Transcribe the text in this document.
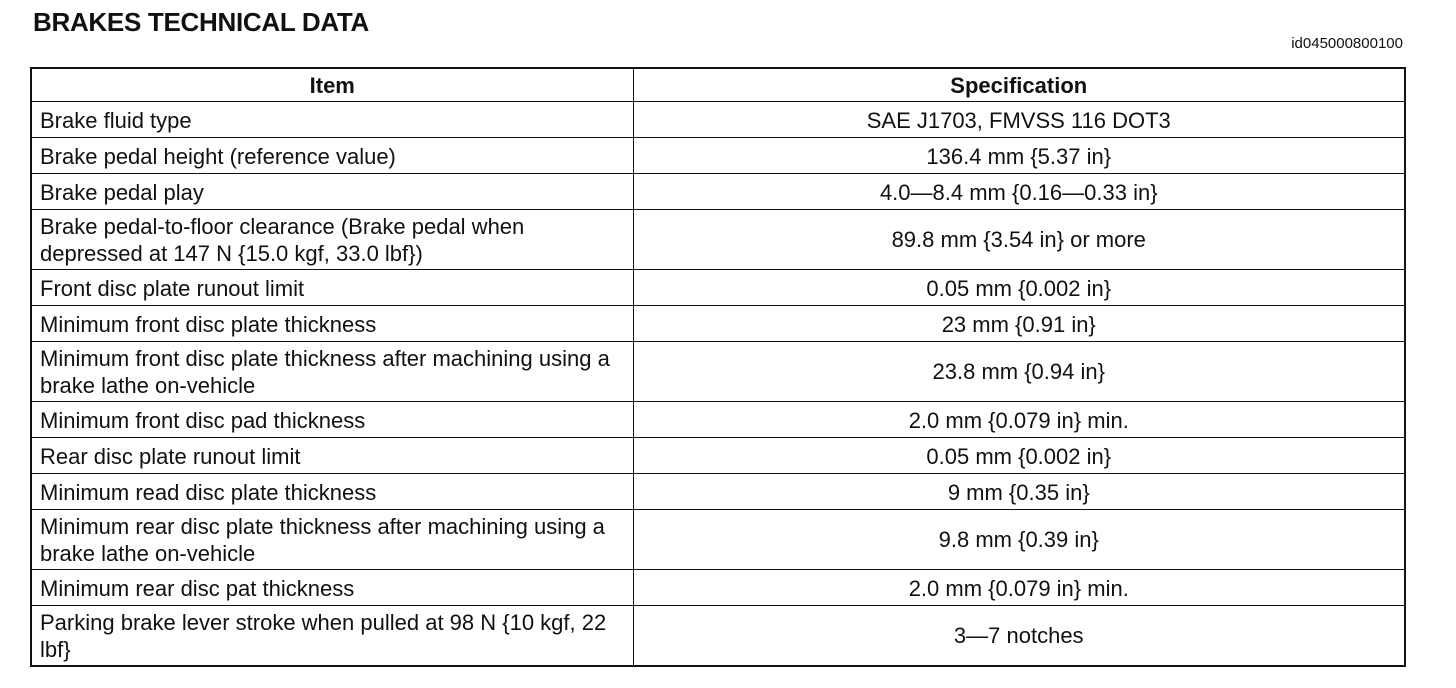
BRAKES TECHNICAL DATA
id045000800100
Item	Specification
Brake fluid type	SAE J1703, FMVSS 116 DOT3
Brake pedal height (reference value)	136.4 mm {5.37 in}
Brake pedal play	4.0—8.4 mm {0.16—0.33 in}
Brake pedal-to-floor clearance (Brake pedal when depressed at 147 N {15.0 kgf, 33.0 lbf})	89.8 mm {3.54 in} or more
Front disc plate runout limit	0.05 mm {0.002 in}
Minimum front disc plate thickness	23 mm {0.91 in}
Minimum front disc plate thickness after machining using a brake lathe on-vehicle	23.8 mm {0.94 in}
Minimum front disc pad thickness	2.0 mm {0.079 in} min.
Rear disc plate runout limit	0.05 mm {0.002 in}
Minimum read disc plate thickness	9 mm {0.35 in}
Minimum rear disc plate thickness after machining using a brake lathe on-vehicle	9.8 mm {0.39 in}
Minimum rear disc pat thickness	2.0 mm {0.079 in} min.
Parking brake lever stroke when pulled at 98 N {10 kgf, 22 lbf}	3—7 notches
